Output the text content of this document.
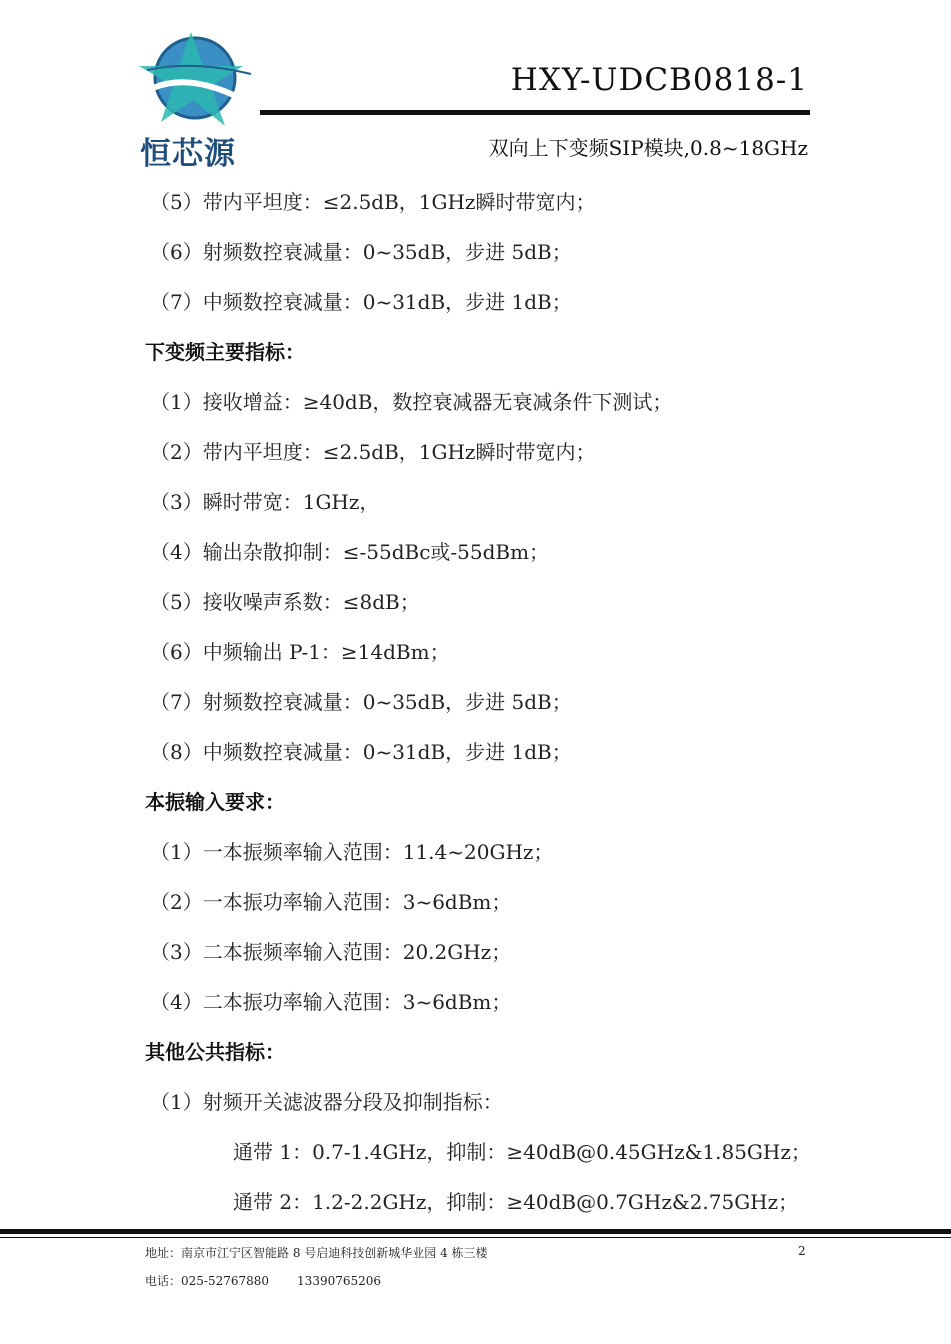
恒芯源
HXY-UDCB0818-1
双向上下变频SIP模块,0.8~18GHz
（5）带内平坦度：≤2.5dB，1GHz瞬时带宽内；
（6）射频数控衰减量：0~35dB，步进 5dB；
（7）中频数控衰减量：0~31dB，步进 1dB；
下变频主要指标：
（1）接收增益：≥40dB，数控衰减器无衰减条件下测试；
（2）带内平坦度：≤2.5dB，1GHz瞬时带宽内；
（3）瞬时带宽：1GHz，
（4）输出杂散抑制：≤-55dBc或-55dBm；
（5）接收噪声系数：≤8dB；
（6）中频输出 P-1：≥14dBm；
（7）射频数控衰减量：0~35dB，步进 5dB；
（8）中频数控衰减量：0~31dB，步进 1dB；
本振输入要求：
（1）一本振频率输入范围：11.4~20GHz；
（2）一本振功率输入范围：3~6dBm；
（3）二本振频率输入范围：20.2GHz；
（4）二本振功率输入范围：3~6dBm；
其他公共指标：
（1）射频开关滤波器分段及抑制指标：
通带 1：0.7-1.4GHz，抑制：≥40dB@0.45GHz&1.85GHz；
通带 2：1.2-2.2GHz，抑制：≥40dB@0.7GHz&2.75GHz；
地址：南京市江宁区智能路 8 号启迪科技创新城华业园 4 栋三楼	2
电话：025-52767880 13390765206
